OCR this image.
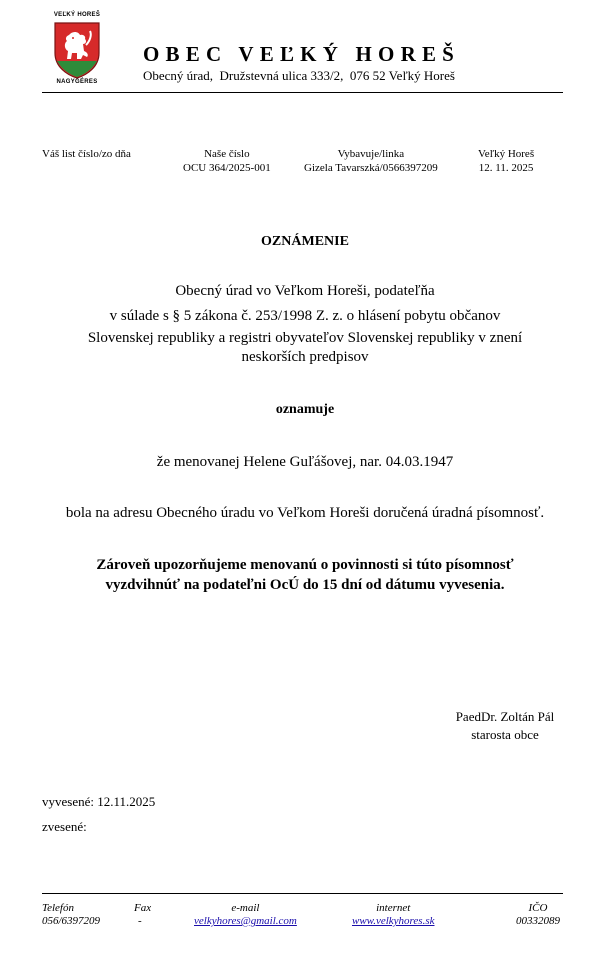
VEĽKÝ HOREŠ
NAGYGÉRES
OBEC VEĽKÝ HOREŠ
Obecný úrad,  Družstevná ulica 333/2,  076 52 Veľký Horeš
Váš list číslo/zo dňa	Naše číslo
OCU 364/2025-001
Vybavuje/linka
Gizela Tavarszká/0566397209
Veľký Horeš
12. 11. 2025
OZNÁMENIE
Obecný úrad vo Veľkom Horeši, podateľňa
v súlade s § 5 zákona č. 253/1998 Z. z. o hlásení pobytu občanov
Slovenskej republiky a registri obyvateľov Slovenskej republiky v znení
neskorších predpisov
oznamuje
že menovanej Helene Guľášovej, nar. 04.03.1947
bola na adresu Obecného úradu vo Veľkom Horeši doručená úradná písomnosť.
Zároveň upozorňujeme menovanú o povinnosti si túto písomnosť
vyzdvihnúť na podateľni OcÚ do 15 dní od dátumu vyvesenia.
PaedDr. Zoltán Pál
starosta obce
vyvesené: 12.11.2025
zvesené:
Telefón
056/6397209
Fax
-
e-mail
velkyhores@gmail.com
internet
www.velkyhores.sk
IČO
00332089
